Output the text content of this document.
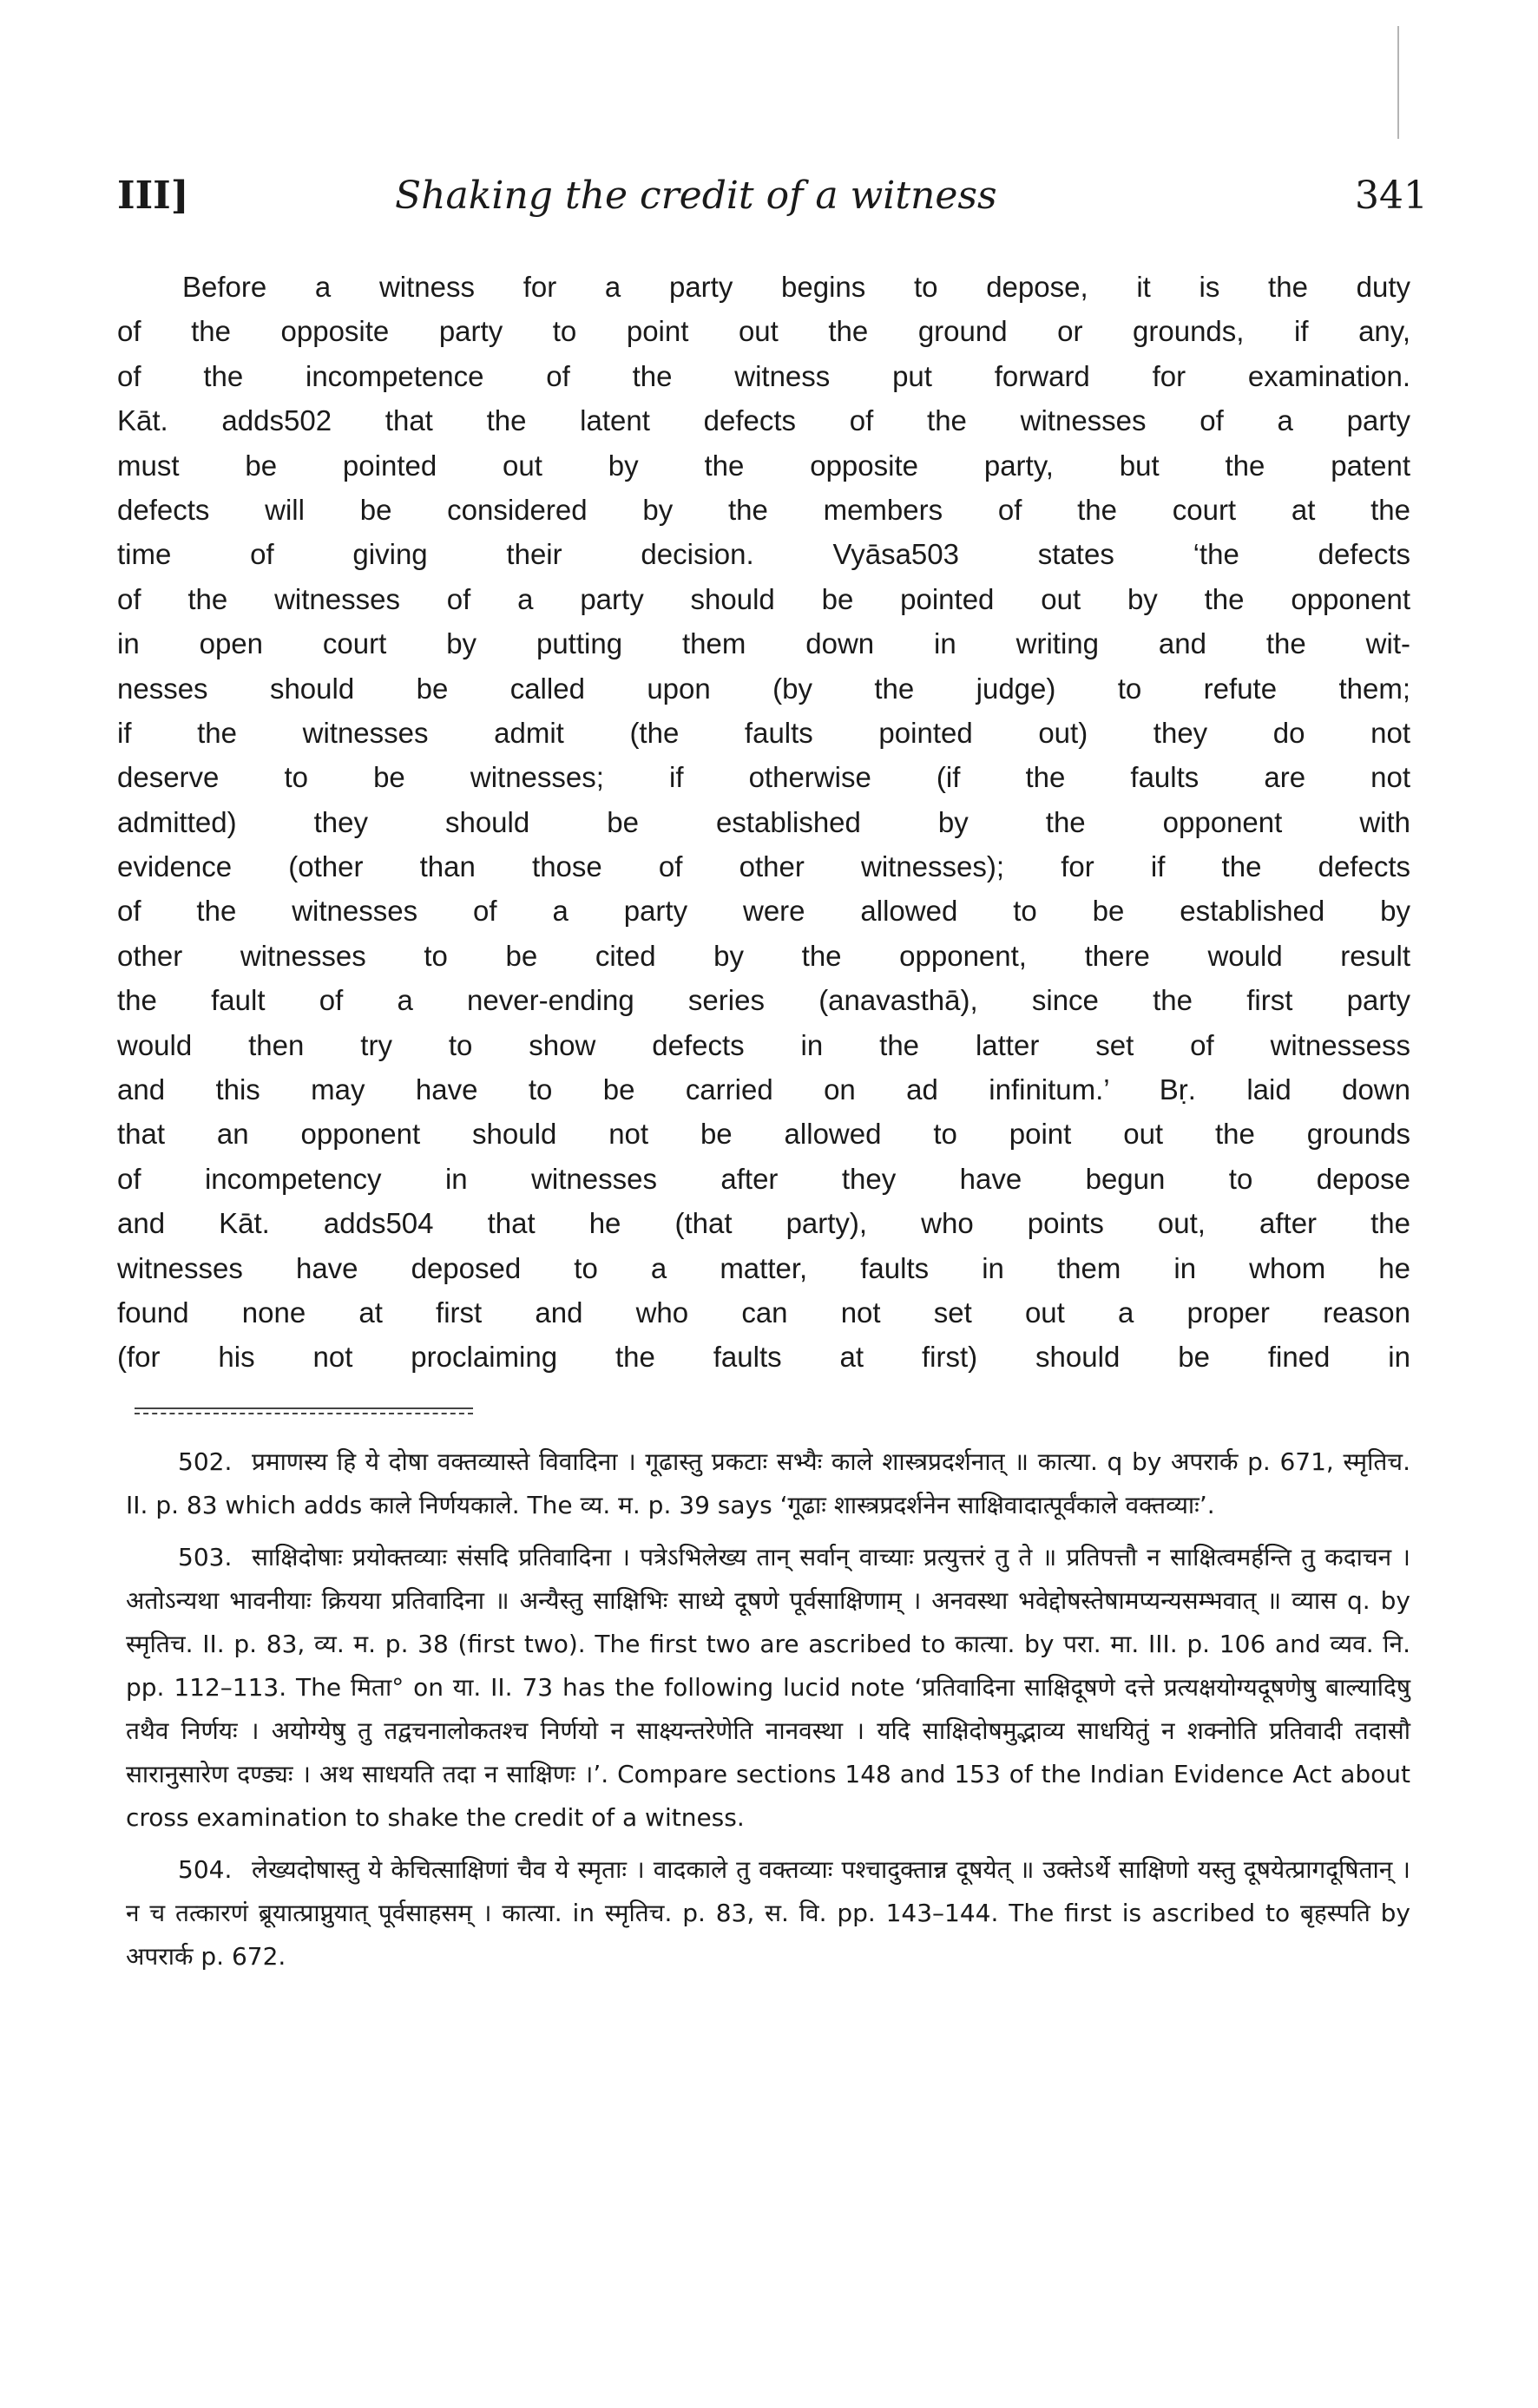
III]	Shaking the credit of a witness	341
Before a witness for a party begins to depose, it is the duty
of the opposite party to point out the ground or grounds, if any,
of the incompetence of the witness put forward for examination.
Kāt. adds502 that the latent defects of the witnesses of a party
must be pointed out by the opposite party, but the patent
defects will be considered by the members of the court at the
time of giving their decision. Vyāsa503 states ‘the defects
of the witnesses of a party should be pointed out by the opponent
in open court by putting them down in writing and the wit-
nesses should be called upon (by the judge) to refute them;
if the witnesses admit (the faults pointed out) they do not
deserve to be witnesses; if otherwise (if the faults are not
admitted) they should be established by the opponent with
evidence (other than those of other witnesses); for if the defects
of the witnesses of a party were allowed to be established by
other witnesses to be cited by the opponent, there would result
the fault of a never-ending series (anavasthā), since the first party
would then try to show defects in the latter set of witnessess
and this may have to be carried on ad infinitum.’ Bṛ. laid down
that an opponent should not be allowed to point out the grounds
of incompetency in witnesses after they have begun to depose
and Kāt. adds504 that he (that party), who points out, after the
witnesses have deposed to a matter, faults in them in whom he
found none at first and who can not set out a proper reason
(for his not proclaiming the faults at first) should be fined in
502. प्रमाणस्य हि ये दोषा वक्तव्यास्ते विवादिना । गूढास्तु प्रकटाः सभ्यैः काले शास्त्रप्रदर्शनात् ॥ कात्या. q by अपरार्क p. 671, स्मृतिच. II. p. 83 which adds काले निर्णयकाले. The व्य. म. p. 39 says ‘गूढाः शास्त्रप्रदर्शनेन साक्षिवादात्पूर्वंकाले वक्तव्याः’.
503. साक्षिदोषाः प्रयोक्तव्याः संसदि प्रतिवादिना । पत्रेऽभिलेख्य तान् सर्वान् वाच्याः प्रत्युत्तरं तु ते ॥ प्रतिपत्तौ न साक्षित्वमर्हन्ति तु कदाचन । अतोऽन्यथा भावनीयाः क्रियया प्रतिवादिना ॥ अन्यैस्तु साक्षिभिः साध्ये दूषणे पूर्वसाक्षिणाम् । अनवस्था भवेद्दोषस्तेषामप्यन्यसम्भवात् ॥ व्यास q. by स्मृतिच. II. p. 83, व्य. म. p. 38 (first two). The first two are ascribed to कात्या. by परा. मा. III. p. 106 and व्यव. नि. pp. 112–113. The मिता° on या. II. 73 has the following lucid note ‘प्रतिवादिना साक्षिदूषणे दत्ते प्रत्यक्षयोग्यदूषणेषु बाल्यादिषु तथैव निर्णयः । अयोग्येषु तु तद्वचनालोकतश्च निर्णयो न साक्ष्यन्तरेणेति नानवस्था । यदि साक्षिदोषमुद्भाव्य साधयितुं न शक्नोति प्रतिवादी तदासौ सारानुसारेण दण्ड्यः । अथ साधयति तदा न साक्षिणः ।’. Compare sections 148 and 153 of the Indian Evidence Act about cross examination to shake the credit of a witness.
504. लेख्यदोषास्तु ये केचित्साक्षिणां चैव ये स्मृताः । वादकाले तु वक्तव्याः पश्चादुक्तान्न दूषयेत् ॥ उक्तेऽर्थे साक्षिणो यस्तु दूषयेत्प्रागदूषितान् । न च तत्कारणं ब्रूयात्प्राप्नुयात् पूर्वसाहसम् । कात्या. in स्मृतिच. p. 83, स. वि. pp. 143–144. The first is ascribed to बृहस्पति by अपरार्क p. 672.
